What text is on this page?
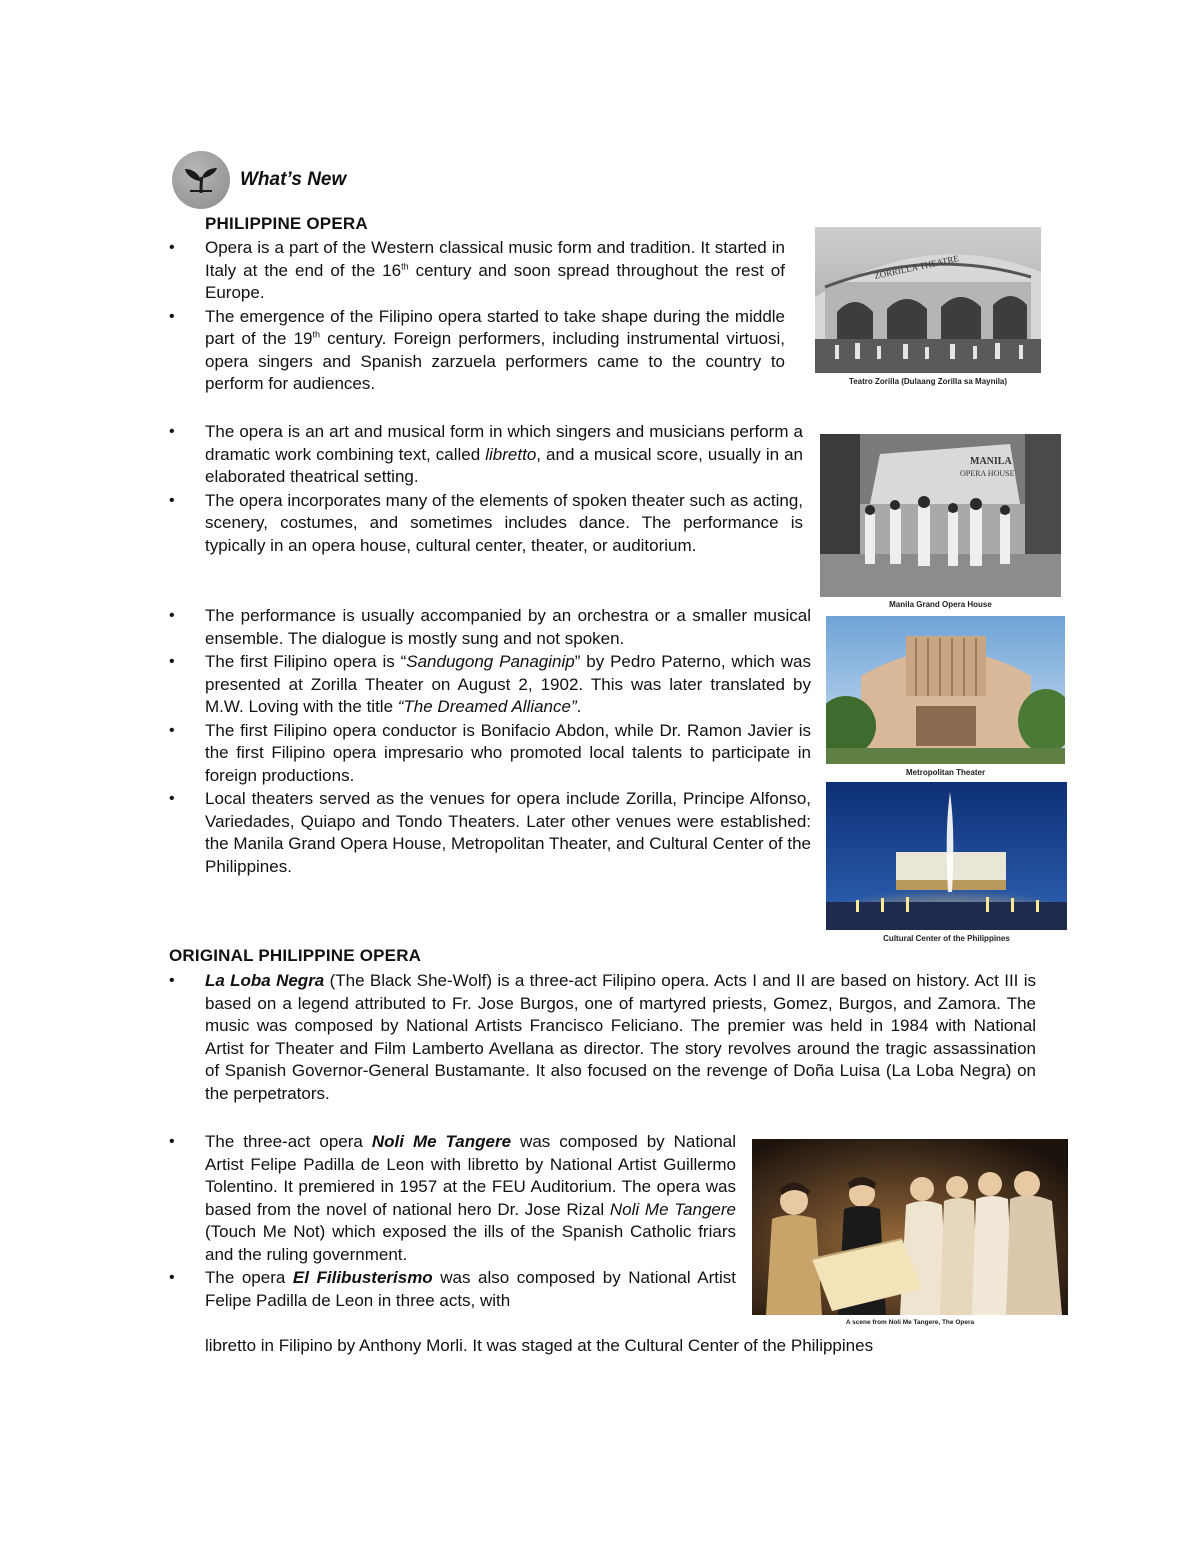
What’s New
PHILIPPINE OPERA
• Opera is a part of the Western classical music form and tradition. It started in Italy at the end of the 16th century and soon spread throughout the rest of Europe.
• The emergence of the Filipino opera started to take shape during the middle part of the 19th century. Foreign performers, including instrumental virtuosi, opera singers and Spanish zarzuela performers came to the country to perform for audiences.
• The opera is an art and musical form in which singers and musicians perform a dramatic work combining text, called libretto, and a musical score, usually in an elaborated theatrical setting.
• The opera incorporates many of the elements of spoken theater such as acting, scenery, costumes, and sometimes includes dance. The performance is typically in an opera house, cultural center, theater, or auditorium.
• The performance is usually accompanied by an orchestra or a smaller musical ensemble. The dialogue is mostly sung and not spoken.
• The first Filipino opera is “Sandugong Panaginip” by Pedro Paterno, which was presented at Zorilla Theater on August 2, 1902. This was later translated by M.W. Loving with the title “The Dreamed Alliance”.
• The first Filipino opera conductor is Bonifacio Abdon, while Dr. Ramon Javier is the first Filipino opera impresario who promoted local talents to participate in foreign productions.
• Local theaters served as the venues for opera include Zorilla, Principe Alfonso, Variedades, Quiapo and Tondo Theaters. Later other venues were established: the Manila Grand Opera House, Metropolitan Theater, and Cultural Center of the Philippines.
ZORRILLA THEATRE
Teatro Zorilla (Dulaang Zorilla sa Maynila)
MANILA
OPERA HOUSE
Manila Grand Opera House
Metropolitan Theater
Cultural Center of the Philippines
ORIGINAL PHILIPPINE OPERA
• La Loba Negra (The Black She-Wolf) is a three-act Filipino opera. Acts I and II are based on history. Act III is based on a legend attributed to Fr. Jose Burgos, one of martyred priests, Gomez, Burgos, and Zamora. The music was composed by National Artists Francisco Feliciano. The premier was held in 1984 with National Artist for Theater and Film Lamberto Avellana as director. The story revolves around the tragic assassination of Spanish Governor-General Bustamante. It also focused on the revenge of Doña Luisa (La Loba Negra) on the perpetrators.
• The three-act opera Noli Me Tangere was composed by National Artist Felipe Padilla de Leon with libretto by National Artist Guillermo Tolentino. It premiered in 1957 at the FEU Auditorium. The opera was based from the novel of national hero Dr. Jose Rizal Noli Me Tangere (Touch Me Not) which exposed the ills of the Spanish Catholic friars and the ruling government.
• The opera El Filibusterismo was also composed by National Artist Felipe Padilla de Leon in three acts, with
libretto in Filipino by Anthony Morli. It was staged at the Cultural Center of the Philippines
A scene from Noli Me Tangere, The Opera
